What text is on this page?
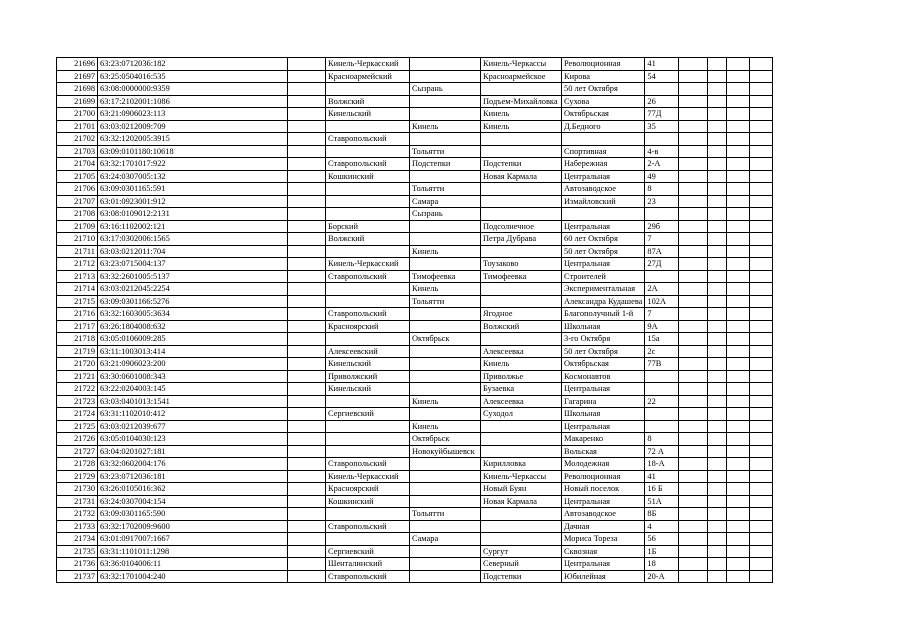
21696	63:23:0712036:182		Кинель-Черкасский		Кинель-Черкассы	Революционная	41				
21697	63:25:0504016:535		Красноармейский		Красноармейское	Кирова	54				
21698	63:08:0000000:9359			Сызрань		50 лет Октября					
21699	63:17:2102001:1086		Волжский		Подъем-Михайловка	Сухова	26				
21700	63:21:0906023:113		Кинельский		Кинель	Октябрьская	77Д				
21701	63:03:0212009:709			Кинель	Кинель	Д.Бедного	35				
21702	63:32:1202005:3915		Ставропольский								
21703	63:09:0101180:10618			Тольятти		Спортивная	4-в				
21704	63:32:1701017:922		Ставропольский	Подстепки	Подстепки	Набережная	2-А				
21705	63:24:0307005:132		Кошкинский		Новая Кармала	Центральная	49				
21706	63:09:0301165:591			Тольятти		Автозаводское	8				
21707	63:01:0923001:912			Самара		Измайловский	23				
21708	63:08:0109012:2131			Сызрань							
21709	63:16:1102002:121		Борский		Подсолнечное	Центральная	29б				
21710	63:17:0302006:1565		Волжский		Петра Дубрава	60 лет Октября	7				
21711	63:03:0212011:704			Кинель		50 лет Октября	87А				
21712	63:23:0715004:137		Кинель-Черкасский		Тоузаково	Центральная	27Д				
21713	63:32:2601005:5137		Ставропольский	Тимофеевка	Тимофеевка	Строителей					
21714	63:03:0212045:2254			Кинель		Экспериментальная	2А				
21715	63:09:0301166:5276			Тольятти		Александра Кудашева	102А				
21716	63:32:1603005:3634		Ставропольский		Ягодное	Благополучный 1-й	7				
21717	63:26:1804008:632		Красноярский		Волжский	Школьная	9А				
21718	63:05:0106009:285			Октябрьск		3-го Октября	15а				
21719	63:11:1003013:414		Алексеевский		Алексеевка	50 лет Октября	2с				
21720	63:21:0906023:200		Кинельский		Кинель	Октябрьская	77В				
21721	63:30:0601008:343		Приволжский		Приволжье	Космонавтов					
21722	63:22:0204003:145		Кинельский		Бузаевка	Центральная					
21723	63:03:0401013:1541			Кинель	Алексеевка	Гагарина	22				
21724	63:31:1102010:412		Сергиевский		Суходол	Школьная					
21725	63:03:0212039:677			Кинель		Центральная					
21726	63:05:0104030:123			Октябрьск		Макаренко	8				
21727	63:04:0201027:181			Новокуйбышевск		Вольская	72 А				
21728	63:32:0602004:176		Ставропольский		Кирилловка	Молодежная	18-А				
21729	63:23:0712036:181		Кинель-Черкасский		Кинель-Черкассы	Революционная	41				
21730	63:26:0105016:362		Красноярский		Новый Буян	Новый поселок	16 Б				
21731	63:24:0307004:154		Кошкинский		Новая Кармала	Центральная	51А				
21732	63:09:0301165:590			Тольятти		Автозаводское	8Б				
21733	63:32:1702009:9600		Ставропольский			Дачная	4				
21734	63:01:0917007:1667			Самара		Мориса Тореза	56				
21735	63:31:1101011:1298		Сергиевский		Сургут	Сквозная	1Б				
21736	63:36:0104006:11		Шенталинский		Северный	Центральная	18				
21737	63:32:1701004:240		Ставропольский		Подстепки	Юбилейная	20-А				
